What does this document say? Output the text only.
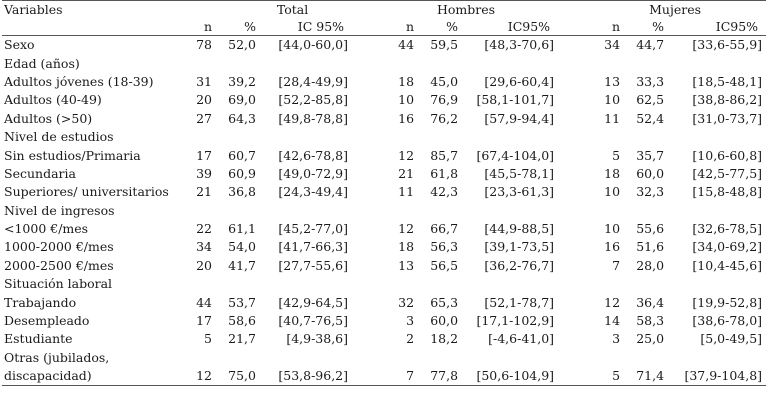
Variables	Total			Hombres			Mujeres		
	n	%	IC 95%	n	%	IC95%	n	%	IC95%
Sexo	78	52,0	[44,0-60,0]	44	59,5	[48,3-70,6]	34	44,7	[33,6-55,9]
Edad (años)									
Adultos jóvenes (18-39)	31	39,2	[28,4-49,9]	18	45,0	[29,6-60,4]	13	33,3	[18,5-48,1]
Adultos (40-49)	20	69,0	[52,2-85,8]	10	76,9	[58,1-101,7]	10	62,5	[38,8-86,2]
Adultos (>50)	27	64,3	[49,8-78,8]	16	76,2	[57,9-94,4]	11	52,4	[31,0-73,7]
Nivel de estudios									
Sin estudios/Primaria	17	60,7	[42,6-78,8]	12	85,7	[67,4-104,0]	5	35,7	[10,6-60,8]
Secundaria	39	60,9	[49,0-72,9]	21	61,8	[45,5-78,1]	18	60,0	[42,5-77,5]
Superiores/ universitarios	21	36,8	[24,3-49,4]	11	42,3	[23,3-61,3]	10	32,3	[15,8-48,8]
Nivel de ingresos									
<1000 €/mes	22	61,1	[45,2-77,0]	12	66,7	[44,9-88,5]	10	55,6	[32,6-78,5]
1000-2000 €/mes	34	54,0	[41,7-66,3]	18	56,3	[39,1-73,5]	16	51,6	[34,0-69,2]
2000-2500 €/mes	20	41,7	[27,7-55,6]	13	56,5	[36,2-76,7]	7	28,0	[10,4-45,6]
Situación laboral									
Trabajando	44	53,7	[42,9-64,5]	32	65,3	[52,1-78,7]	12	36,4	[19,9-52,8]
Desempleado	17	58,6	[40,7-76,5]	3	60,0	[17,1-102,9]	14	58,3	[38,6-78,0]
Estudiante	5	21,7	[4,9-38,6]	2	18,2	[-4,6-41,0]	3	25,0	[5,0-49,5]
Otras (jubilados,									
discapacidad)	12	75,0	[53,8-96,2]	7	77,8	[50,6-104,9]	5	71,4	[37,9-104,8]
